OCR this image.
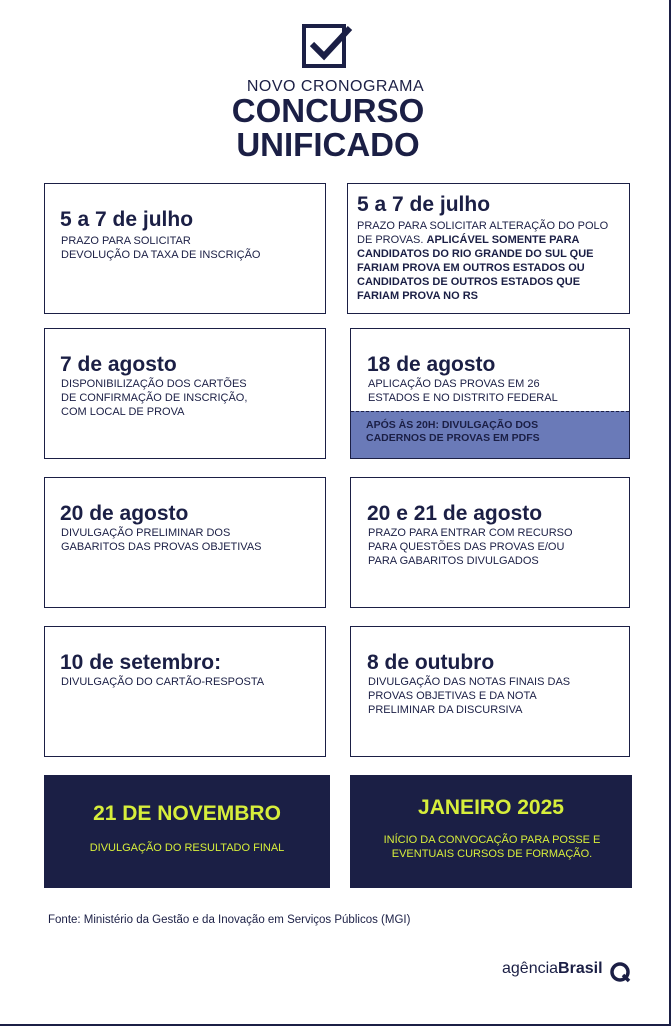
NOVO CRONOGRAMA
CONCURSO
UNIFICADO
5 a 7 de julho
PRAZO PARA SOLICITAR
DEVOLUÇÃO DA TAXA DE INSCRIÇÃO
5 a 7 de julho
PRAZO PARA SOLICITAR ALTERAÇÃO DO POLO DE PROVAS. APLICÁVEL SOMENTE PARA CANDIDATOS DO RIO GRANDE DO SUL QUE FARIAM PROVA EM OUTROS ESTADOS OU CANDIDATOS DE OUTROS ESTADOS QUE FARIAM PROVA NO RS
7 de agosto
DISPONIBILIZAÇÃO DOS CARTÕES DE CONFIRMAÇÃO DE INSCRIÇÃO, COM LOCAL DE PROVA
18 de agosto
APLICAÇÃO DAS PROVAS EM 26 ESTADOS E NO DISTRITO FEDERAL
APÓS ÀS 20H: DIVULGAÇÃO DOS CADERNOS DE PROVAS EM PDFS
20 de agosto
DIVULGAÇÃO PRELIMINAR DOS GABARITOS DAS PROVAS OBJETIVAS
20 e 21 de agosto
PRAZO PARA ENTRAR COM RECURSO PARA QUESTÕES DAS PROVAS E/OU PARA GABARITOS DIVULGADOS
10 de setembro:
DIVULGAÇÃO DO CARTÃO-RESPOSTA
8 de outubro
DIVULGAÇÃO DAS NOTAS FINAIS DAS PROVAS OBJETIVAS E DA NOTA PRELIMINAR DA DISCURSIVA
21 DE NOVEMBRO
DIVULGAÇÃO DO RESULTADO FINAL
JANEIRO 2025
INÍCIO DA CONVOCAÇÃO PARA POSSE E EVENTUAIS CURSOS DE FORMAÇÃO.
Fonte: Ministério da Gestão e da Inovação em Serviços Públicos (MGI)
agênciaBrasil
